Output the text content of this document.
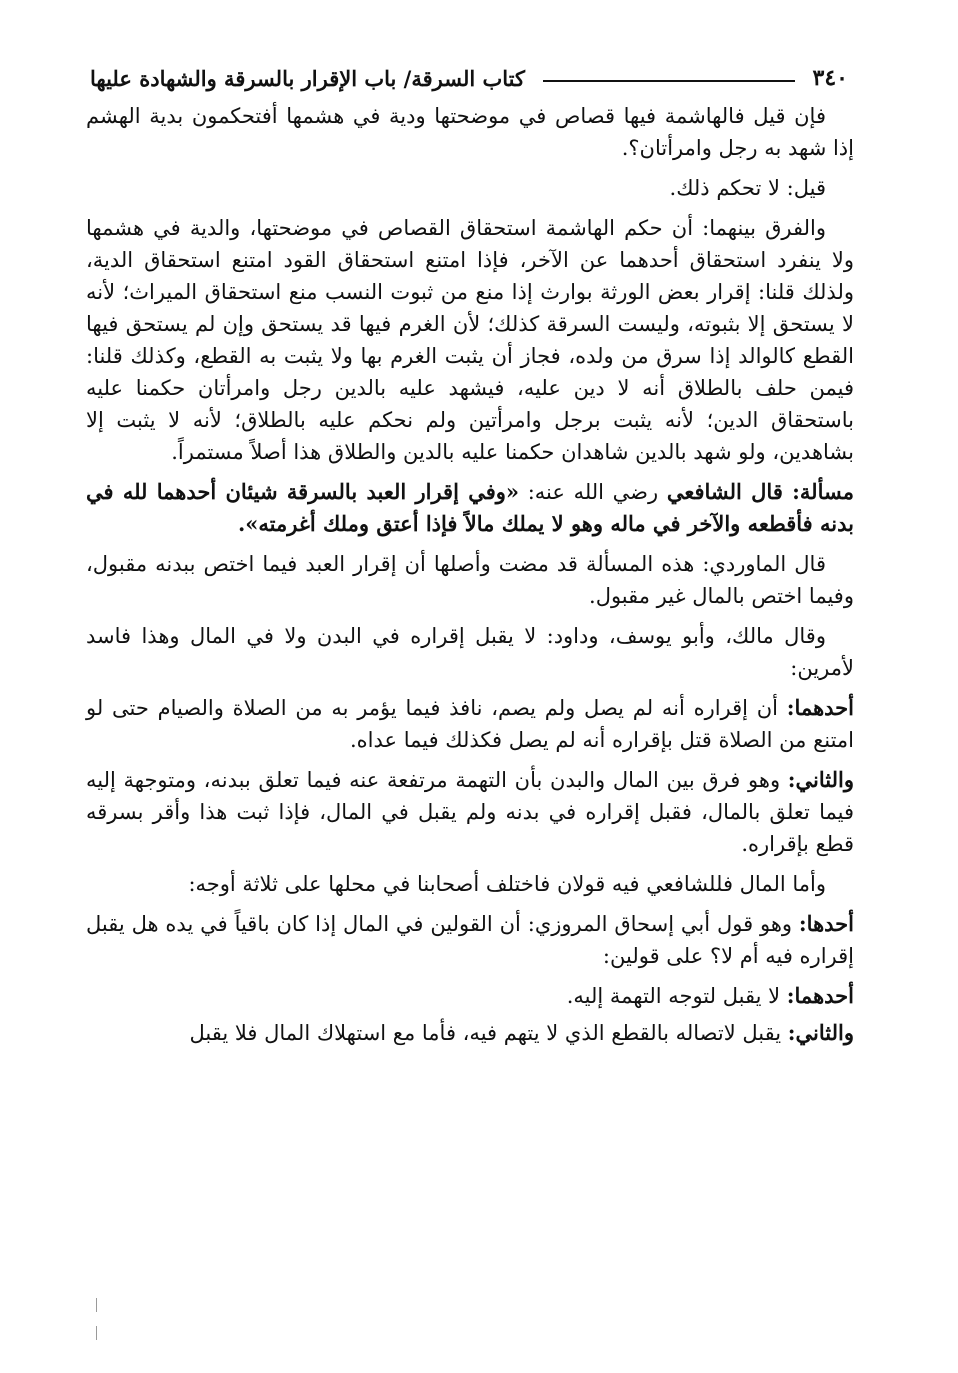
٣٤٠
كتاب السرقة/ باب الإقرار بالسرقة والشهادة عليها

فإن قيل فالهاشمة فيها قصاص في موضحتها ودية في هشمها أفتحكمون بدية الهشم إذا شهد به رجل وامرأتان؟.

قيل: لا تحكم ذلك.

والفرق بينهما: أن حكم الهاشمة استحقاق القصاص في موضحتها، والدية في هشمها ولا ينفرد استحقاق أحدهما عن الآخر، فإذا امتنع استحقاق القود امتنع استحقاق الدية، ولذلك قلنا: إقرار بعض الورثة بوارث إذا منع من ثبوت النسب منع استحقاق الميراث؛ لأنه لا يستحق إلا بثبوته، وليست السرقة كذلك؛ لأن الغرم فيها قد يستحق وإن لم يستحق فيها القطع كالوالد إذا سرق من ولده، فجاز أن يثبت الغرم بها ولا يثبت به القطع، وكذلك قلنا: فيمن حلف بالطلاق أنه لا دين عليه، فيشهد عليه بالدين رجل وامرأتان حكمنا عليه باستحقاق الدين؛ لأنه يثبت برجل وامرأتين ولم نحكم عليه بالطلاق؛ لأنه لا يثبت إلا بشاهدين، ولو شهد بالدين شاهدان حكمنا عليه بالدين والطلاق هذا أصلاً مستمراً.

مسألة: قال الشافعي رضي الله عنه: «وفي إقرار العبد بالسرقة شيئان أحدهما لله في بدنه فأقطعه والآخر في ماله وهو لا يملك مالاً فإذا أعتق وملك أغرمته».

قال الماوردي: هذه المسألة قد مضت وأصلها أن إقرار العبد فيما اختص ببدنه مقبول، وفيما اختص بالمال غير مقبول.

وقال مالك، وأبو يوسف، وداود: لا يقبل إقراره في البدن ولا في المال وهذا فاسد لأمرين:

أحدهما: أن إقراره أنه لم يصل ولم يصم، نافذ فيما يؤمر به من الصلاة والصيام حتى لو امتنع من الصلاة قتل بإقراره أنه لم يصل فكذلك فيما عداه.

والثاني: وهو فرق بين المال والبدن بأن التهمة مرتفعة عنه فيما تعلق ببدنه، ومتوجهة إليه فيما تعلق بالمال، فقبل إقراره في بدنه ولم يقبل في المال، فإذا ثبت هذا وأقر بسرقه قطع بإقراره.

وأما المال فللشافعي فيه قولان فاختلف أصحابنا في محلها على ثلاثة أوجه:

أحدها: وهو قول أبي إسحاق المروزي: أن القولين في المال إذا كان باقياً في يده هل يقبل إقراره فيه أم لا؟ على قولين:

أحدهما: لا يقبل لتوجه التهمة إليه.

والثاني: يقبل لاتصاله بالقطع الذي لا يتهم فيه، فأما مع استهلاك المال فلا يقبل
